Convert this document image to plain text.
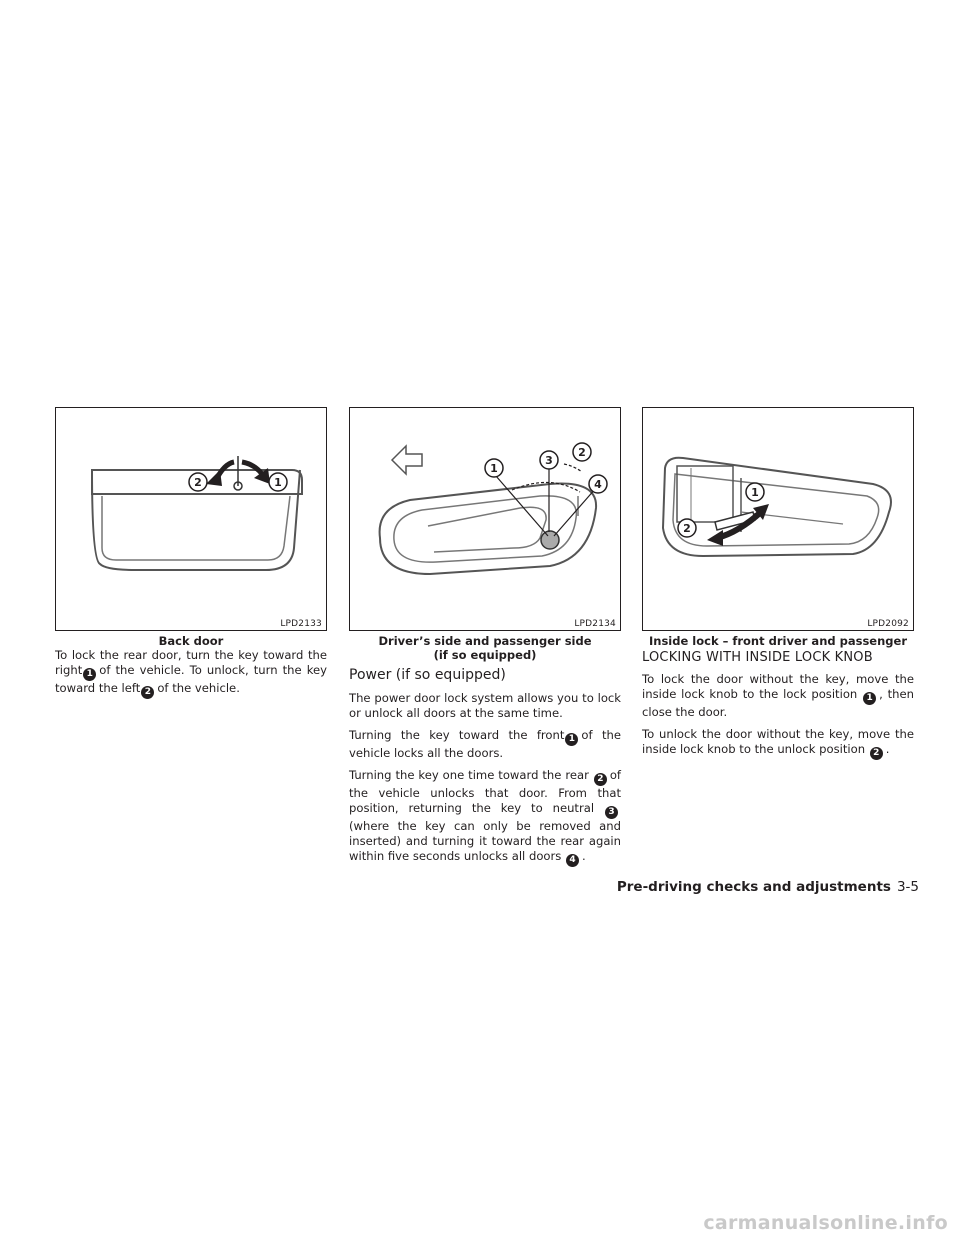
2	1
LPD2133
Back door

To lock the rear door, turn the key toward the right 1 of the vehicle. To unlock, turn the key toward the left 2 of the vehicle.

1
3
2
4
LPD2134
Driver’s side and passenger side
(if so equipped)
Power (if so equipped)

The power door lock system allows you to lock or unlock all doors at the same time.

Turning the key toward the front 1 of the vehicle locks all the doors.

Turning the key one time toward the rear 2 of the vehicle unlocks that door. From that position, returning the key to neutral 3(where the key can only be removed and inserted) and turning it toward the rear again within five seconds unlocks all doors 4 .

1
2
LPD2092
Inside lock – front driver and passenger
LOCKING WITH INSIDE LOCK KNOB

To lock the door without the key, move the inside lock knob to the lock position 1 , then close the door.

To unlock the door without the key, move the inside lock knob to the unlock position 2 .

Pre-driving checks and adjustments 3-5
carmanualsonline.info
